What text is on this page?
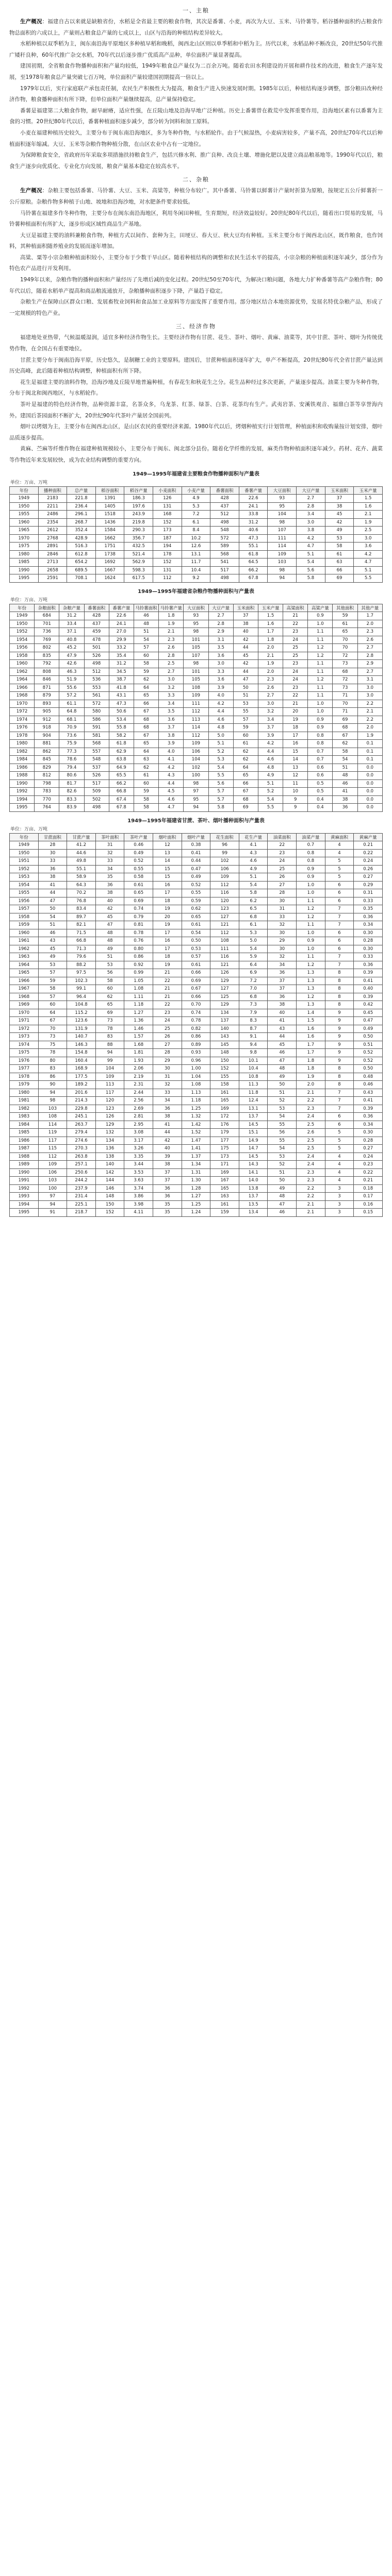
一、主粮

生产概况：福建自古以来就是缺粮省份，水稻是全省最主要的粮食作物，其次是番薯、小麦，再次为大豆、玉米、马铃薯等。稻谷播种面积约占粮食作物总面积的六成以上，产量则占粮食总产量的七成以上，山区与沿海的种植结构差异较大。

水稻种植以双季稻为主，闽东南沿海平原地区多种植早稻和晚稻，闽西北山区则以单季稻和中稻为主。历代以来，水稻品种不断改良，20世纪50年代推广矮秆良种，60年代推广杂交水稻，70年代以后逐步推广优质高产品种，单位面积产量显著提高。

建国初期，全省粮食作物播种面积和产量均较低，1949年粮食总产量仅为二百余万吨。随着农田水利建设的开展和耕作技术的改进，粮食生产逐年发展，至1978年粮食总产量突破七百万吨，单位面积产量较建国初期提高一倍以上。

1979年以后，实行家庭联产承包责任制，农民生产积极性大为提高，粮食生产进入快速发展时期。1985年以后，种植结构逐步调整，部分粮田改种经济作物，粮食播种面积有所下降，但单位面积产量继续提高，总产量保持稳定。

番薯是福建第二大粮食作物，耐旱耐瘠，适应性强，在丘陵山地及沿海旱地广泛种植。历史上番薯曾在救荒中发挥重要作用，沿海地区素有以番薯为主食的习惯。20世纪80年代以后，番薯种植面积逐步减少，部分转为饲料和加工原料。

小麦在福建种植历史较久，主要分布于闽东南沿海地区，多为冬种作物，与水稻轮作。由于气候湿热，小麦病害较多，产量不高，20世纪70年代以后种植面积逐年缩减。大豆、玉米等杂粮作物种植分散，在山区农业中占有一定地位。

为保障粮食安全，省政府历年采取多项措施扶持粮食生产，包括兴修水利、推广良种、改良土壤、增施化肥以及建立商品粮基地等。1990年代以后，粮食生产逐步向优质化、专业化方向发展，粮食产量基本稳定在较高水平。

二、杂粮

生产概况：杂粮主要包括番薯、马铃薯、大豆、玉米、高粱等，种植分布较广。其中番薯、马铃薯以鲜薯计产量时折算为原粮，按规定五公斤鲜薯折一公斤原粮。杂粮作物多种植于山地、坡地和沿海沙地，对水肥条件要求较低。

马铃薯在福建多作冬种作物，主要分布在闽东南沿海地区，利用冬闲田种植，生育期短，经济效益较好。20世纪80年代以后，随着出口贸易的发展，马铃薯种植面积有所扩大，逐步形成区域性商品生产基地。

大豆是福建主要的油料兼粮食作物，种植方式以间作、套种为主，田埂豆、春大豆、秋大豆均有种植。玉米主要分布于闽西北山区，既作粮食，也作饲料，其种植面积随养殖业的发展而逐年增加。

高粱、粟等小宗杂粮种植面积较小，主要分布于少数干旱山区。随着种植结构的调整和农民生活水平的提高，小宗杂粮的种植面积逐年减少，部分作为特色农产品进行开发利用。

1949年以来，杂粮作物的播种面积和产量经历了先增后减的变化过程。20世纪50至70年代，为解决口粮问题，各地大力扩种番薯等高产杂粮作物；80年代以后，随着水稻单产提高和商品粮流通放开，杂粮播种面积逐步下降，产量趋于稳定。

杂粮生产在保障山区群众口粮、发展畜牧业饲料和食品加工业原料等方面发挥了重要作用。部分地区结合本地资源优势，发展名特优杂粮产品，形成了一定规模的特色产业。

三、经济作物

福建地处亚热带，气候温暖湿润，适宜多种经济作物生长。主要经济作物有甘蔗、花生、茶叶、烟叶、黄麻、油菜等，其中甘蔗、茶叶、烟叶为传统优势作物，在全国占有重要地位。

甘蔗主要分布于闽南沿海平原，历史悠久，是制糖工业的主要原料。建国后，甘蔗种植面积逐年扩大，单产不断提高，20世纪80年代全省甘蔗产量达到历史高峰，此后随着种植结构调整，种植面积有所下降。

花生是福建主要的油料作物，沿海沙地及丘陵旱地普遍种植，有春花生和秋花生之分。花生品种经过多次更新，产量逐步提高。油菜主要为冬种作物，分布于闽北和闽西地区，与水稻轮作。

茶叶是福建的特色经济作物，品种资源丰富，名茶众多，乌龙茶、红茶、绿茶、白茶、花茶均有生产。武夷岩茶、安溪铁观音、福鼎白茶等享誉海内外。建国后茶园面积不断扩大，20世纪90年代茶叶产量居全国前列。

烟叶以烤烟为主，主要分布在闽西北山区，是山区农民的重要经济来源。1980年代以后，烤烟种植实行计划管理，种植面积和收购量按计划安排，烟叶品质逐步提高。

黄麻、苎麻等纤维作物在福建种植规模较小，主要分布于闽东、闽北部分县份。随着化学纤维的发展，麻类作物种植面积逐年减少。药材、花卉、蔬菜等作物近年来发展较快，成为农业结构调整的重要方向。

1949—1995年福建省主要粮食作物播种面积与产量表
单位：万亩、万吨
年份	播种面积	总产量	稻谷面积	稻谷产量	小麦面积	小麦产量	番薯面积	番薯产量	大豆面积	大豆产量	玉米面积	玉米产量
1949	2183	221.8	1391	186.3	126	4.9	428	22.6	93	2.7	37	1.5
1950	2211	236.4	1405	197.6	131	5.3	437	24.1	95	2.8	38	1.6
1955	2486	296.1	1518	243.9	168	7.2	512	33.8	104	3.4	45	2.1
1960	2354	268.7	1436	219.8	152	6.1	498	31.2	98	3.0	42	1.9
1965	2612	352.4	1584	290.3	173	8.4	548	40.6	107	3.8	49	2.5
1970	2768	428.9	1662	356.7	187	10.2	572	47.3	111	4.2	53	3.0
1975	2891	516.3	1751	432.5	194	12.6	589	55.1	114	4.7	58	3.6
1980	2846	612.8	1738	521.4	178	13.1	568	61.8	109	5.1	61	4.2
1985	2713	654.2	1692	562.9	152	11.7	541	64.5	103	5.4	63	4.7
1990	2658	689.5	1667	598.3	131	10.4	517	66.2	98	5.6	66	5.1
1995	2591	708.1	1624	617.5	112	9.2	498	67.8	94	5.8	69	5.5
1949—1995年福建省杂粮作物播种面积与产量表
单位：万亩、万吨
年份	杂粮面积	杂粮产量	番薯面积	番薯产量	马铃薯面积	马铃薯产量	大豆面积	大豆产量	玉米面积	玉米产量	高粱面积	高粱产量	其他面积	其他产量
1949	684	31.2	428	22.6	46	1.8	93	2.7	37	1.5	21	0.9	59	1.7
1950	701	33.4	437	24.1	48	1.9	95	2.8	38	1.6	22	1.0	61	2.0
1952	736	37.1	459	27.0	51	2.1	98	2.9	40	1.7	23	1.1	65	2.3
1954	769	40.8	478	29.9	54	2.3	101	3.1	42	1.8	24	1.1	70	2.6
1956	802	45.2	501	33.2	57	2.6	105	3.5	44	2.0	25	1.2	70	2.7
1958	835	47.9	526	35.4	60	2.8	107	3.6	45	2.1	25	1.2	72	2.8
1960	792	42.6	498	31.2	58	2.5	98	3.0	42	1.9	23	1.1	73	2.9
1962	808	46.3	512	34.5	59	2.7	101	3.3	44	2.0	24	1.1	68	2.7
1964	846	51.9	536	38.7	62	3.0	105	3.6	47	2.3	24	1.2	72	3.1
1966	871	55.6	553	41.8	64	3.2	108	3.9	50	2.6	23	1.1	73	3.0
1968	879	57.2	561	43.1	65	3.3	109	4.0	51	2.7	22	1.1	71	3.0
1970	893	61.1	572	47.3	66	3.4	111	4.2	53	3.0	21	1.0	70	2.2
1972	905	64.8	580	50.6	67	3.5	112	4.4	55	3.2	20	1.0	71	2.1
1974	912	68.1	586	53.4	68	3.6	113	4.6	57	3.4	19	0.9	69	2.2
1976	918	70.9	591	55.8	68	3.7	114	4.8	59	3.7	18	0.9	68	2.0
1978	904	73.6	581	58.2	67	3.8	112	5.0	60	3.9	17	0.8	67	1.9
1980	881	75.9	568	61.8	65	3.9	109	5.1	61	4.2	16	0.8	62	0.1
1982	862	77.3	557	62.9	64	4.0	106	5.2	62	4.4	15	0.7	58	0.1
1984	845	78.6	548	63.8	63	4.1	104	5.3	62	4.6	14	0.7	54	0.1
1986	829	79.4	537	64.9	62	4.2	102	5.4	64	4.8	13	0.6	51	0.0
1988	812	80.6	526	65.5	61	4.3	100	5.5	65	4.9	12	0.6	48	0.0
1990	798	81.7	517	66.2	60	4.4	98	5.6	66	5.1	11	0.5	46	0.0
1992	783	82.6	509	66.8	59	4.5	97	5.7	67	5.2	10	0.5	41	0.0
1994	770	83.3	502	67.4	58	4.6	95	5.7	68	5.4	9	0.4	38	0.0
1995	764	83.9	498	67.8	58	4.7	94	5.8	69	5.5	9	0.4	36	0.0
1949—1995年福建省甘蔗、茶叶、烟叶播种面积与产量表
单位：万亩、万吨
年份	甘蔗面积	甘蔗产量	茶叶面积	茶叶产量	烟叶面积	烟叶产量	花生面积	花生产量	油菜面积	油菜产量	黄麻面积	黄麻产量
1949	28	41.2	31	0.46	12	0.38	96	4.1	22	0.7	4	0.21
1950	30	44.6	32	0.49	13	0.41	99	4.3	23	0.8	4	0.22
1951	33	49.8	33	0.52	14	0.44	102	4.6	24	0.8	5	0.24
1952	36	55.1	34	0.55	15	0.47	106	4.9	25	0.9	5	0.26
1953	38	58.9	35	0.58	15	0.49	109	5.1	26	0.9	5	0.27
1954	41	64.3	36	0.61	16	0.52	112	5.4	27	1.0	6	0.29
1955	44	70.2	38	0.65	17	0.55	116	5.8	28	1.0	6	0.31
1956	47	76.8	40	0.69	18	0.59	120	6.2	30	1.1	6	0.33
1957	50	83.4	42	0.74	19	0.62	123	6.5	31	1.2	7	0.35
1958	54	89.7	45	0.79	20	0.65	127	6.8	33	1.2	7	0.36
1959	51	82.1	47	0.81	19	0.61	121	6.1	32	1.1	7	0.34
1960	46	71.5	48	0.78	17	0.54	112	5.3	30	1.0	6	0.30
1961	43	66.8	48	0.76	16	0.50	108	5.0	29	0.9	6	0.28
1962	45	71.3	49	0.80	17	0.53	111	5.4	30	1.0	6	0.30
1963	49	79.6	51	0.86	18	0.57	116	5.9	32	1.1	7	0.33
1964	53	88.2	53	0.92	19	0.61	121	6.4	34	1.2	7	0.36
1965	57	97.5	56	0.99	21	0.66	126	6.9	36	1.3	8	0.39
1966	59	102.3	58	1.05	22	0.69	129	7.2	37	1.3	8	0.41
1967	58	99.1	60	1.08	21	0.67	127	7.0	37	1.3	8	0.40
1968	57	96.4	62	1.11	21	0.66	125	6.8	36	1.2	8	0.39
1969	60	104.8	65	1.18	22	0.70	129	7.3	38	1.3	8	0.42
1970	64	115.2	69	1.27	23	0.74	134	7.9	40	1.4	9	0.45
1971	67	123.6	73	1.36	24	0.78	137	8.3	41	1.5	9	0.47
1972	70	131.9	78	1.46	25	0.82	140	8.7	43	1.6	9	0.49
1973	73	140.7	83	1.57	26	0.86	143	9.1	44	1.6	9	0.50
1974	75	146.3	88	1.68	27	0.89	145	9.4	45	1.7	9	0.51
1975	78	154.8	94	1.81	28	0.93	148	9.8	46	1.7	9	0.52
1976	80	160.4	99	1.93	29	0.96	150	10.1	47	1.8	9	0.52
1977	83	168.9	104	2.06	30	1.00	152	10.4	48	1.8	8	0.50
1978	86	177.5	109	2.19	31	1.04	155	10.8	49	1.9	8	0.48
1979	90	189.2	113	2.31	32	1.08	158	11.3	50	2.0	8	0.46
1980	94	201.6	117	2.44	33	1.13	161	11.8	51	2.1	7	0.43
1981	98	214.3	120	2.56	34	1.18	165	12.4	52	2.2	7	0.41
1982	103	229.8	123	2.69	36	1.25	169	13.1	53	2.3	7	0.39
1983	108	245.1	126	2.81	38	1.32	172	13.7	54	2.4	6	0.36
1984	114	263.7	129	2.95	41	1.42	176	14.5	55	2.5	6	0.34
1985	119	279.4	132	3.08	44	1.52	179	15.1	56	2.6	5	0.30
1986	117	274.6	134	3.17	42	1.47	177	14.9	55	2.5	5	0.28
1987	115	270.3	136	3.26	40	1.41	175	14.7	54	2.5	5	0.27
1988	112	263.8	138	3.35	39	1.37	173	14.5	53	2.4	4	0.24
1989	109	257.1	140	3.44	38	1.34	171	14.3	52	2.4	4	0.23
1990	106	250.6	142	3.53	37	1.31	169	14.1	51	2.3	4	0.22
1991	103	244.2	144	3.63	37	1.30	167	14.0	50	2.3	4	0.21
1992	100	237.9	146	3.74	36	1.28	165	13.8	49	2.2	3	0.18
1993	97	231.4	148	3.86	36	1.27	163	13.7	48	2.2	3	0.17
1994	94	225.1	150	3.98	35	1.25	161	13.5	47	2.1	3	0.16
1995	91	218.7	152	4.11	35	1.24	159	13.4	46	2.1	3	0.15
